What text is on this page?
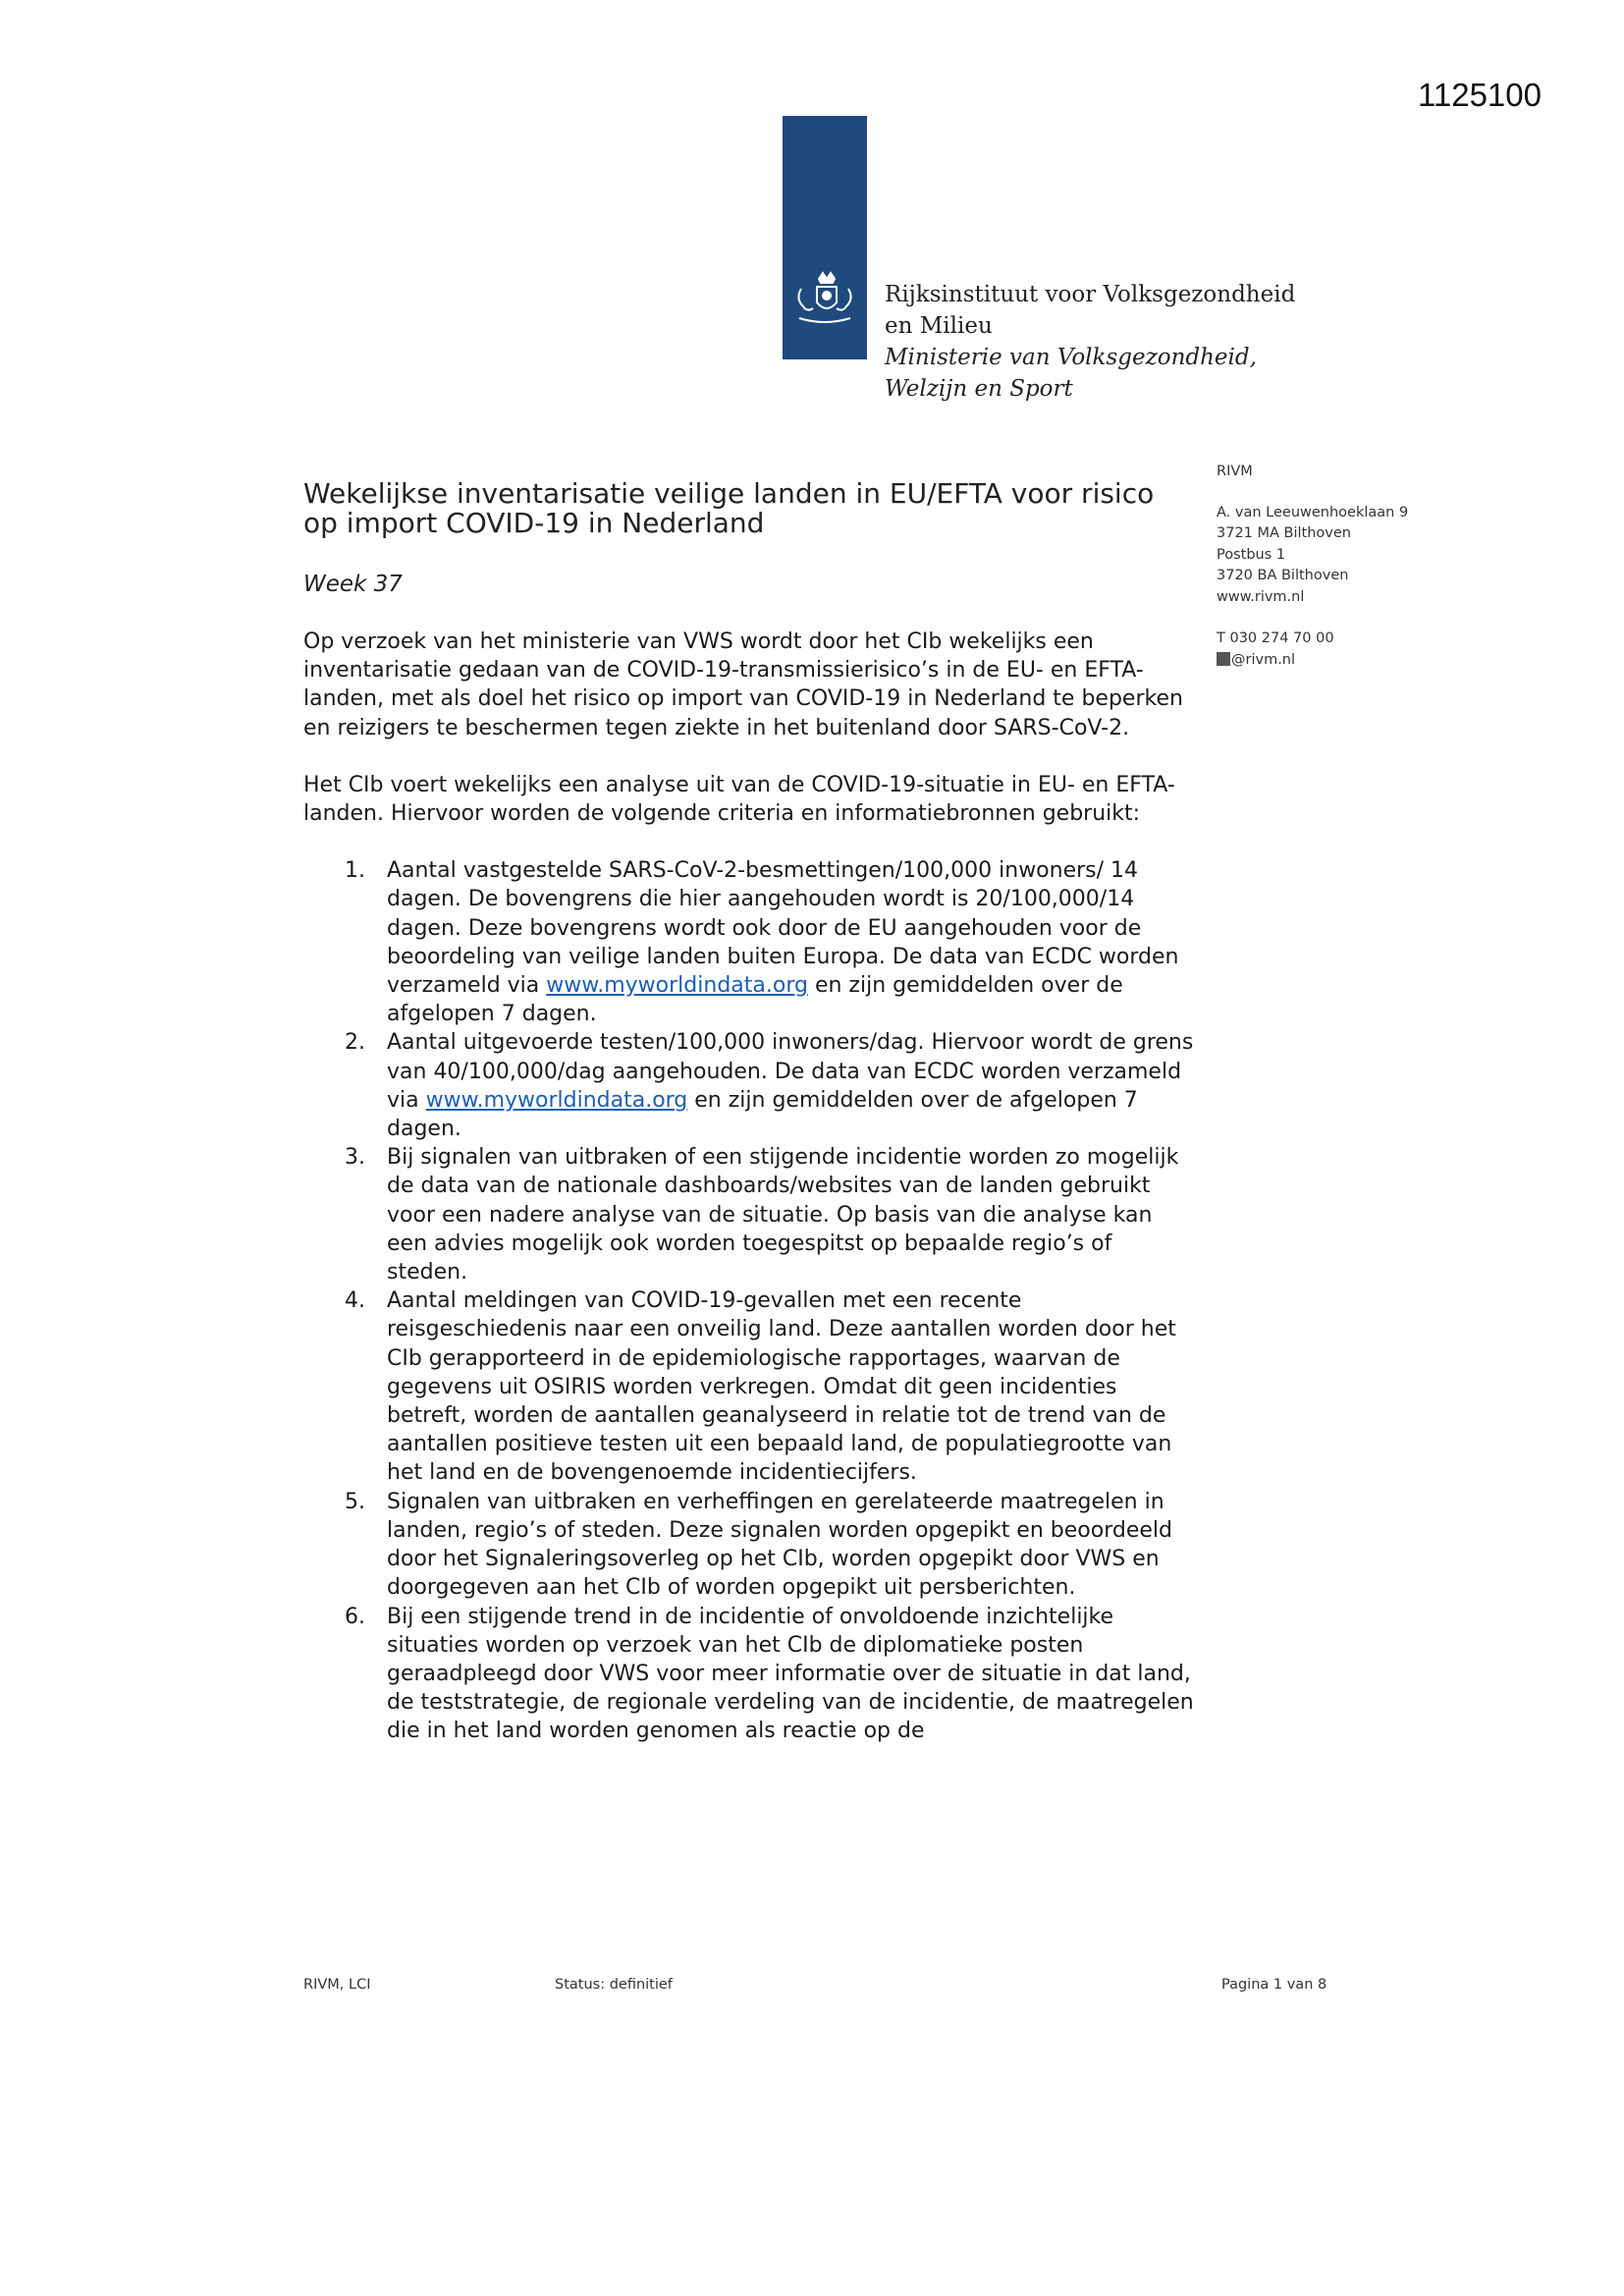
1125100
Rijksinstituut voor Volksgezondheid
en Milieu
Ministerie van Volksgezondheid,
Welzijn en Sport
RIVM
A. van Leeuwenhoeklaan 9
3721 MA Bilthoven
Postbus 1
3720 BA Bilthoven
www.rivm.nl
T 030 274 70 00
@rivm.nl
Wekelijkse inventarisatie veilige landen in EU/EFTA voor risico op import COVID-19 in Nederland
Week 37

Op verzoek van het ministerie van VWS wordt door het CIb wekelijks een inventarisatie gedaan van de COVID-19-transmissierisico’s in de EU- en EFTA-landen, met als doel het risico op import van COVID-19 in Nederland te beperken en reizigers te beschermen tegen ziekte in het buitenland door SARS-CoV-2.

Het CIb voert wekelijks een analyse uit van de COVID-19-situatie in EU- en EFTA-landen. Hiervoor worden de volgende criteria en informatiebronnen gebruikt:

1. Aantal vastgestelde SARS-CoV-2-besmettingen/100,000 inwoners/ 14 dagen. De bovengrens die hier aangehouden wordt is 20/100,000/14 dagen. Deze bovengrens wordt ook door de EU aangehouden voor de beoordeling van veilige landen buiten Europa. De data van ECDC worden verzameld via www.myworldindata.org en zijn gemiddelden over de afgelopen 7 dagen.
2. Aantal uitgevoerde testen/100,000 inwoners/dag. Hiervoor wordt de grens van 40/100,000/dag aangehouden. De data van ECDC worden verzameld via www.myworldindata.org en zijn gemiddelden over de afgelopen 7 dagen.
3. Bij signalen van uitbraken of een stijgende incidentie worden zo mogelijk de data van de nationale dashboards/websites van de landen gebruikt voor een nadere analyse van de situatie. Op basis van die analyse kan een advies mogelijk ook worden toegespitst op bepaalde regio’s of steden.
4. Aantal meldingen van COVID-19-gevallen met een recente reisgeschiedenis naar een onveilig land. Deze aantallen worden door het CIb gerapporteerd in de epidemiologische rapportages, waarvan de gegevens uit OSIRIS worden verkregen. Omdat dit geen incidenties betreft, worden de aantallen geanalyseerd in relatie tot de trend van de aantallen positieve testen uit een bepaald land, de populatiegrootte van het land en de bovengenoemde incidentiecijfers.
5. Signalen van uitbraken en verheffingen en gerelateerde maatregelen in landen, regio’s of steden. Deze signalen worden opgepikt en beoordeeld door het Signaleringsoverleg op het CIb, worden opgepikt door VWS en doorgegeven aan het CIb of worden opgepikt uit persberichten.
6. Bij een stijgende trend in de incidentie of onvoldoende inzichtelijke situaties worden op verzoek van het CIb de diplomatieke posten geraadpleegd door VWS voor meer informatie over de situatie in dat land, de teststrategie, de regionale verdeling van de incidentie, de maatregelen die in het land worden genomen als reactie op de
RIVM, LCI	Status: definitief	Pagina 1 van 8
